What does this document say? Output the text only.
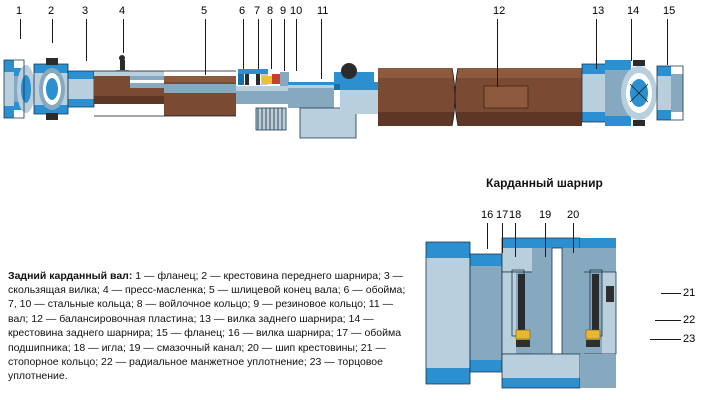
1 2	3	4	5	6 7 8 9 10 11	12	13 14 15

Задний карданный вал: 1 — фланец; 2 — крестовина переднего шарнира; 3 — скользящая вилка; 4 — пресс-масленка; 5 — шлицевой конец вала; 6 — обойма; 7, 10 — стальные кольца; 8 — войлочное кольцо; 9 — резиновое кольцо; 11 — вал; 12 — балансировочная пластина; 13 — вилка заднего шарнира; 14 — крестовина заднего шарнира; 15 — фланец; 16 — вилка шарнира; 17 — обойма подшипника; 18 — игла; 19 — смазочный канал; 20 — шип крестовины; 21 — стопорное кольцо; 22 — радиальное манжетное уплотнение; 23 — торцовое уплотнение.

Карданный шарнир
16 17 18 19 20
21
22
23
